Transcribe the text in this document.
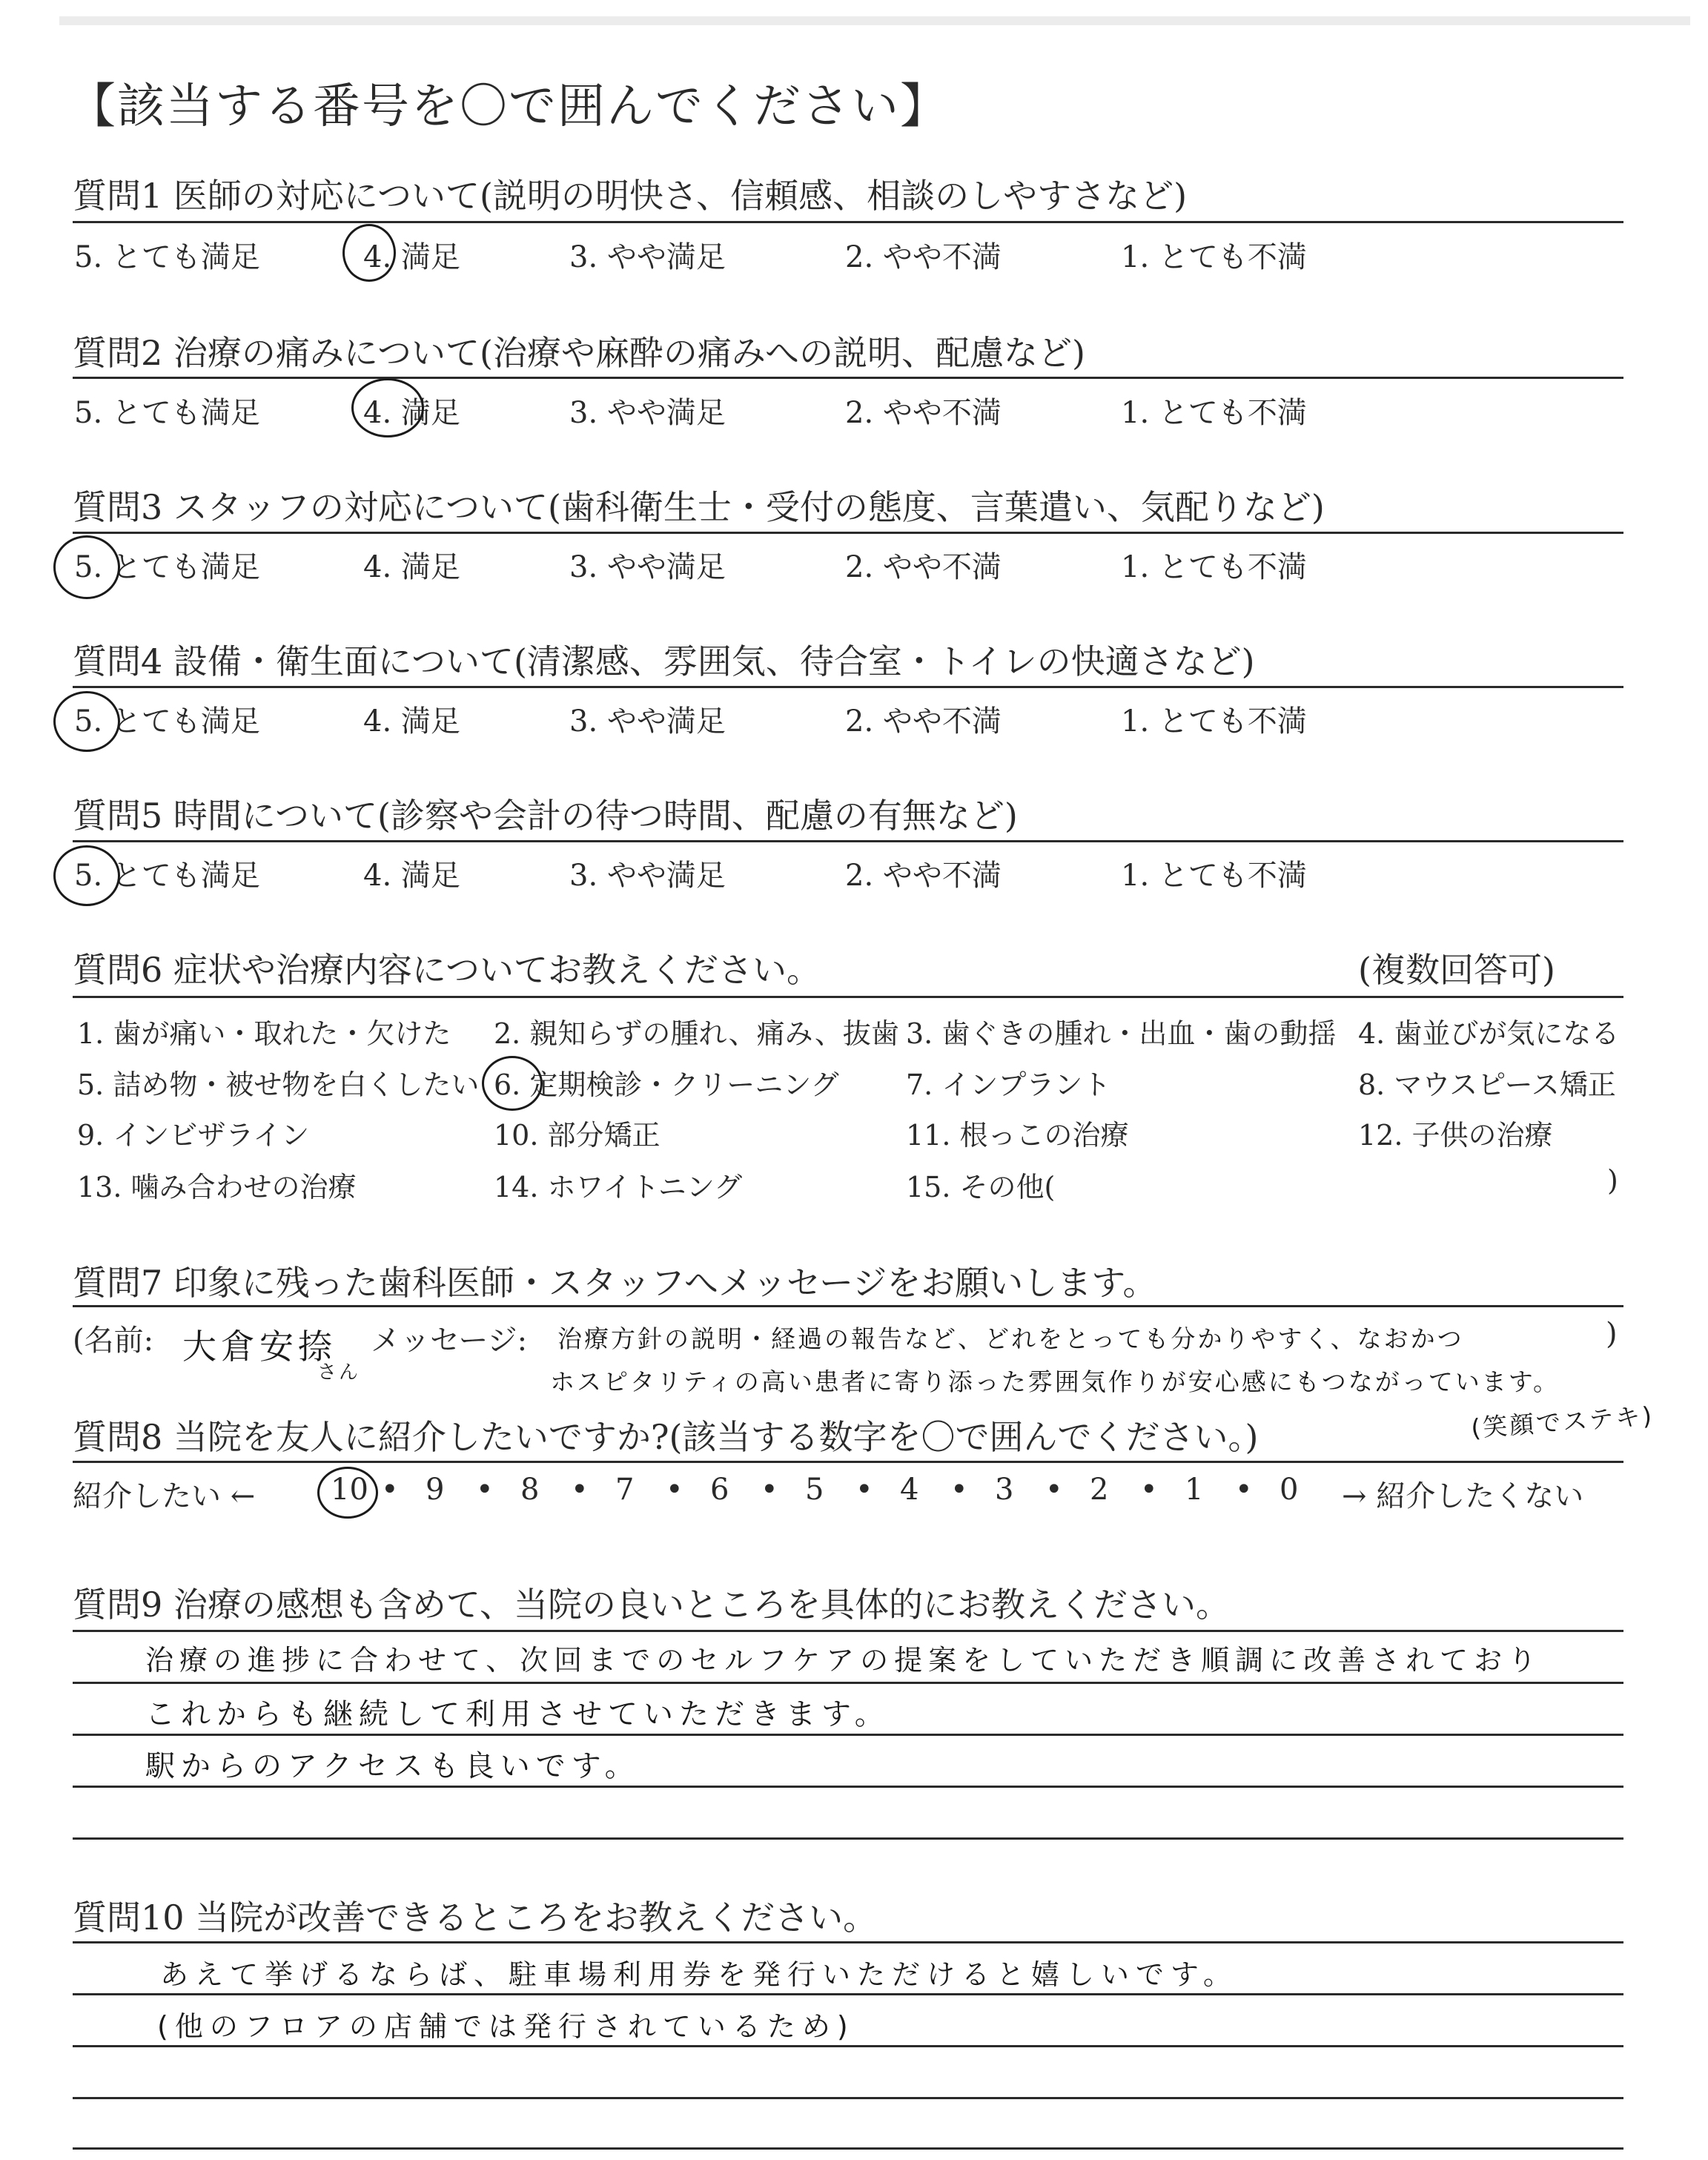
【該当する番号を〇で囲んでください】
質問1 医師の対応について(説明の明快さ、信頼感、相談のしやすさなど)
5. とても満足	4. 満足	3. やや満足	2. やや不満	1. とても不満
質問2 治療の痛みについて(治療や麻酔の痛みへの説明、配慮など)
5. とても満足	4. 満足	3. やや満足	2. やや不満	1. とても不満
質問3 スタッフの対応について(歯科衛生士・受付の態度、言葉遣い、気配りなど)
5. とても満足	4. 満足	3. やや満足	2. やや不満	1. とても不満
質問4 設備・衛生面について(清潔感、雰囲気、待合室・トイレの快適さなど)
5. とても満足	4. 満足	3. やや満足	2. やや不満	1. とても不満
質問5 時間について(診察や会計の待つ時間、配慮の有無など)
5. とても満足	4. 満足	3. やや満足	2. やや不満	1. とても不満
質問6 症状や治療内容についてお教えください。	(複数回答可)
1. 歯が痛い・取れた・欠けた 2. 親知らずの腫れ、痛み、抜歯 3. 歯ぐきの腫れ・出血・歯の動揺 4. 歯並びが気になる
5. 詰め物・被せ物を白くしたい 6. 定期検診・クリーニング 7. インプラント	8. マウスピース矯正
9. インビザライン	10. 部分矯正	11. 根っこの治療	12. 子供の治療
13. 噛み合わせの治療	14. ホワイトニング	15. その他(	)
質問7 印象に残った歯科医師・スタッフへメッセージをお願いします。
(名前: 大倉安捺
さん
メッセージ:	)
治療方針の説明・経過の報告など、どれをとっても分かりやすく、なおかつ
ホスピタリティの高い患者に寄り添った雰囲気作りが安心感にもつながっています。
(笑顔でステキ)
質問8 当院を友人に紹介したいですか?(該当する数字を〇で囲んでください。)
紹介したい ←	10 • 9 • 8 • 7 • 6 • 5 • 4 • 3 • 2 • 1 • 0 → 紹介したくない
質問9 治療の感想も含めて、当院の良いところを具体的にお教えください。
治療の進捗に合わせて、次回までのセルフケアの提案をしていただき順調に改善されており
これからも継続して利用させていただきます。
駅からのアクセスも良いです。
質問10 当院が改善できるところをお教えください。
あえて挙げるならば、駐車場利用券を発行いただけると嬉しいです。
(他のフロアの店舗では発行されているため)
